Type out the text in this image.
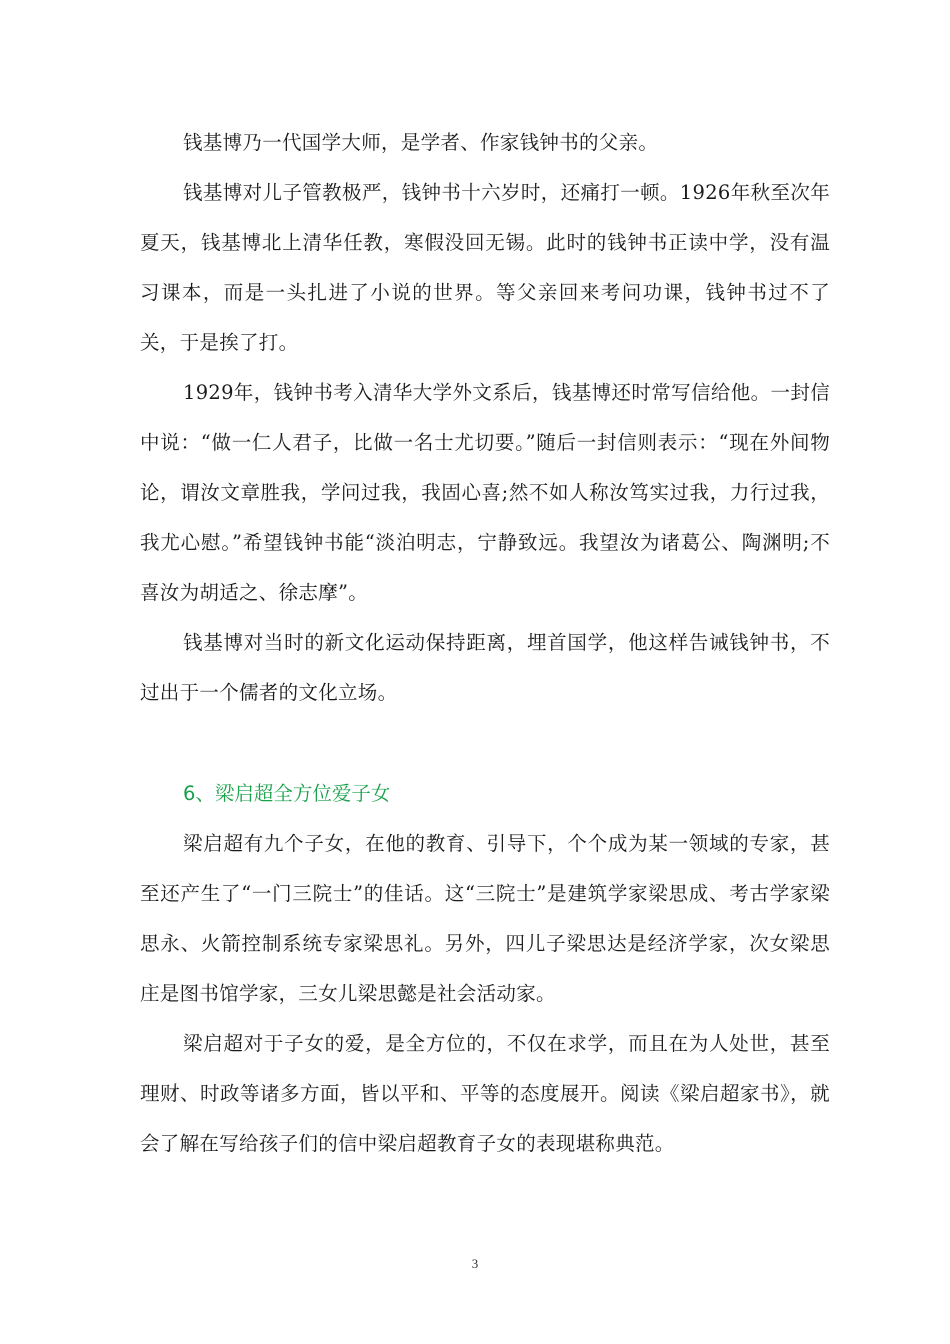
钱基博乃一代国学大师，是学者、作家钱钟书的父亲。

钱基博对儿子管教极严，钱钟书十六岁时，还痛打一顿。1926年秋至次年夏天，钱基博北上清华任教，寒假没回无锡。此时的钱钟书正读中学，没有温习课本，而是一头扎进了小说的世界。等父亲回来考问功课，钱钟书过不了关，于是挨了打。

1929年，钱钟书考入清华大学外文系后，钱基博还时常写信给他。一封信中说：“做一仁人君子，比做一名士尤切要。”随后一封信则表示：“现在外间物论，谓汝文章胜我，学问过我，我固心喜;然不如人称汝笃实过我，力行过我，我尤心慰。”希望钱钟书能“淡泊明志，宁静致远。我望汝为诸葛公、陶渊明;不喜汝为胡适之、徐志摩”。

钱基博对当时的新文化运动保持距离，埋首国学，他这样告诫钱钟书，不过出于一个儒者的文化立场。

6、梁启超全方位爱子女

梁启超有九个子女，在他的教育、引导下，个个成为某一领域的专家，甚至还产生了“一门三院士”的佳话。这“三院士”是建筑学家梁思成、考古学家梁思永、火箭控制系统专家梁思礼。另外，四儿子梁思达是经济学家，次女梁思庄是图书馆学家，三女儿梁思懿是社会活动家。

梁启超对于子女的爱，是全方位的，不仅在求学，而且在为人处世，甚至理财、时政等诸多方面，皆以平和、平等的态度展开。阅读《梁启超家书》，就会了解在写给孩子们的信中梁启超教育子女的表现堪称典范。

3
